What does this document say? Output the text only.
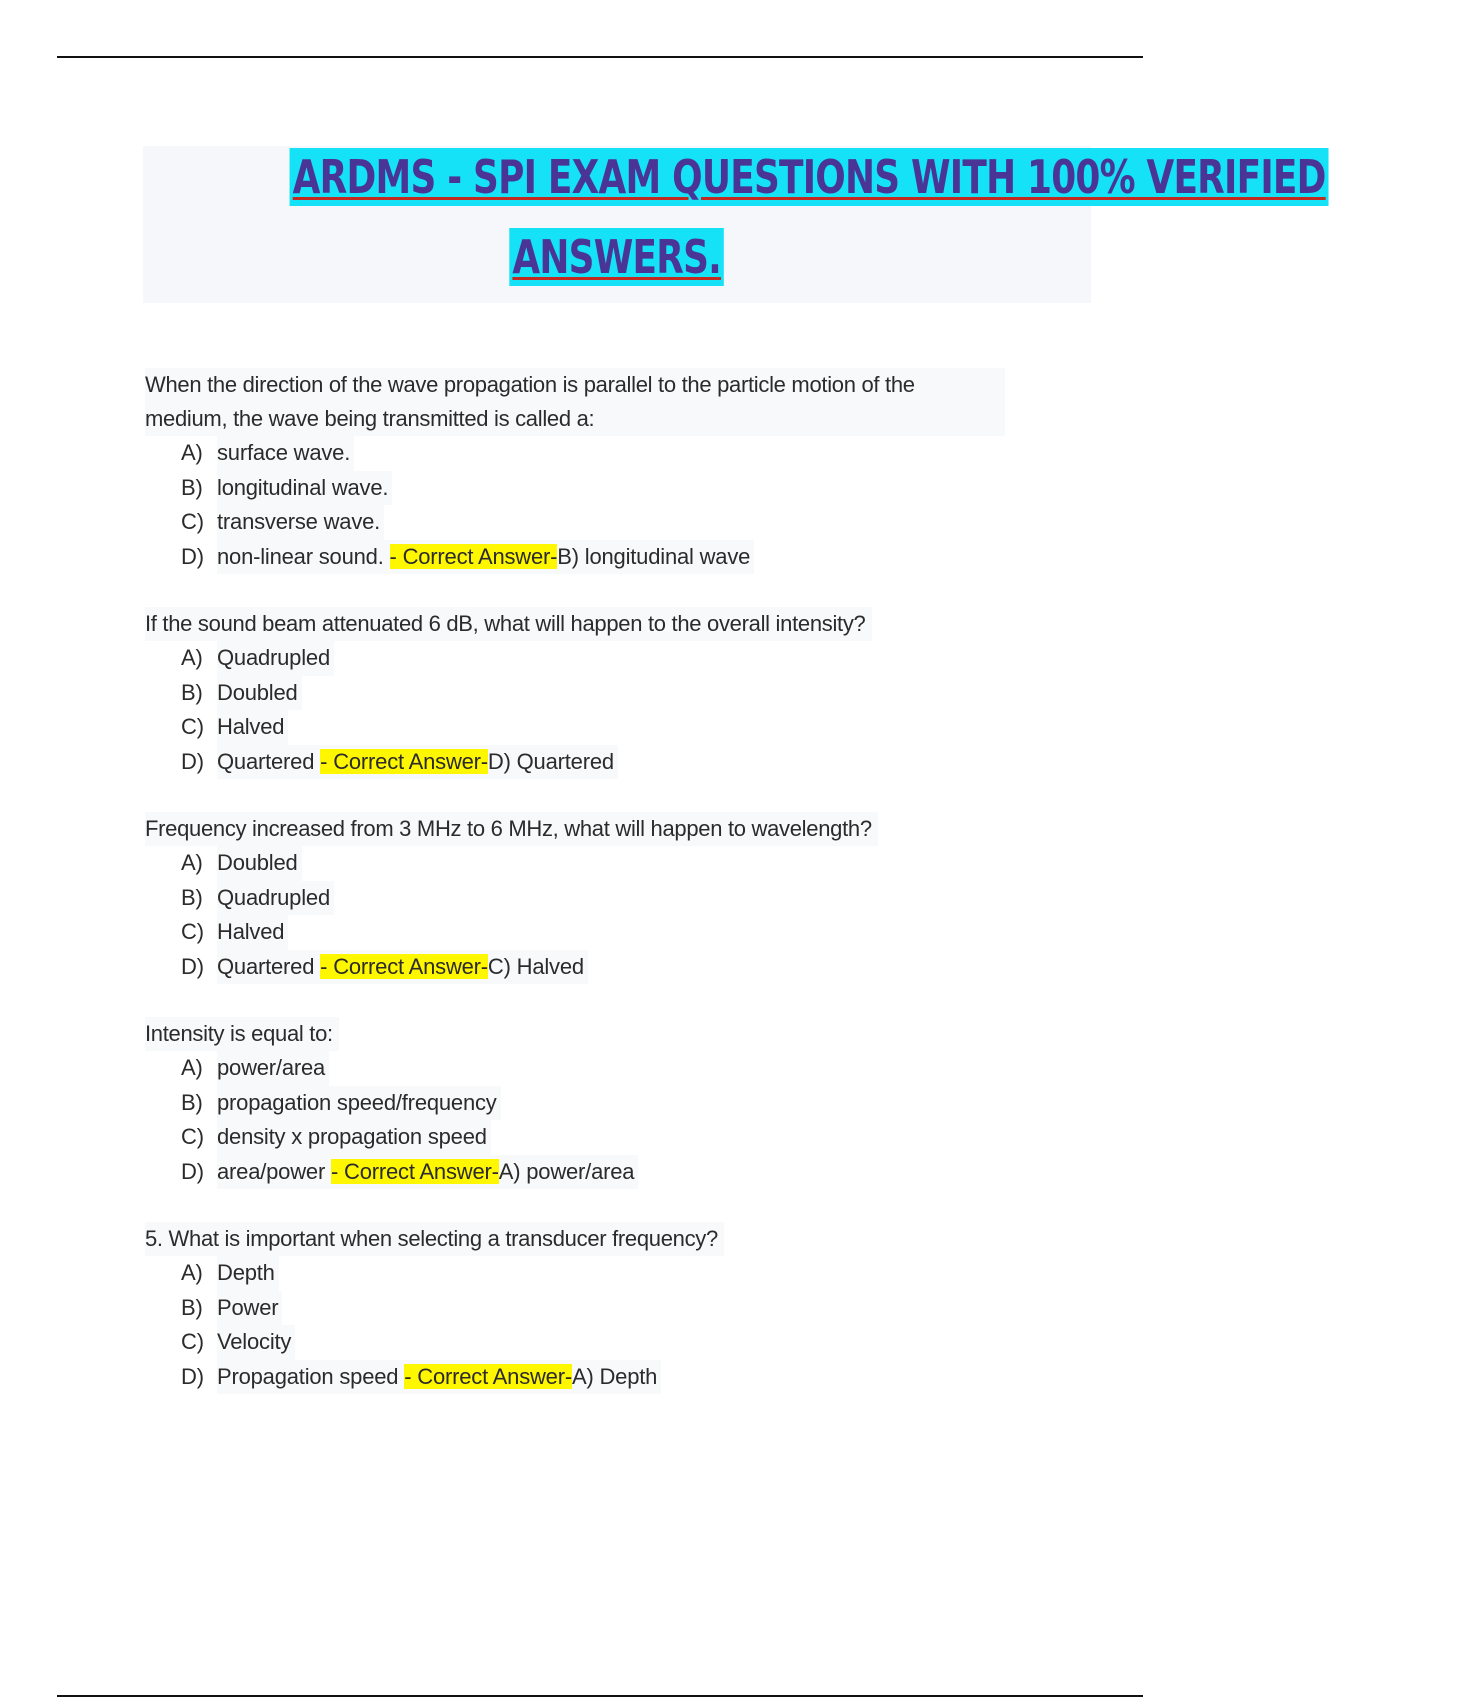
ARDMS - SPI EXAM QUESTIONS WITH 100% VERIFIED
ANSWERS.
When the direction of the wave propagation is parallel to the particle motion of the medium, the wave being transmitted is called a:
A) surface wave.
B) longitudinal wave.
C) transverse wave.
D) non-linear sound. - Correct Answer-B) longitudinal wave
If the sound beam attenuated 6 dB, what will happen to the overall intensity?
A) Quadrupled
B) Doubled
C) Halved
D) Quartered - Correct Answer-D) Quartered
Frequency increased from 3 MHz to 6 MHz, what will happen to wavelength?
A) Doubled
B) Quadrupled
C) Halved
D) Quartered - Correct Answer-C) Halved
Intensity is equal to:
A) power/area
B) propagation speed/frequency
C) density x propagation speed
D) area/power - Correct Answer-A) power/area
5. What is important when selecting a transducer frequency?
A) Depth
B) Power
C) Velocity
D) Propagation speed - Correct Answer-A) Depth
